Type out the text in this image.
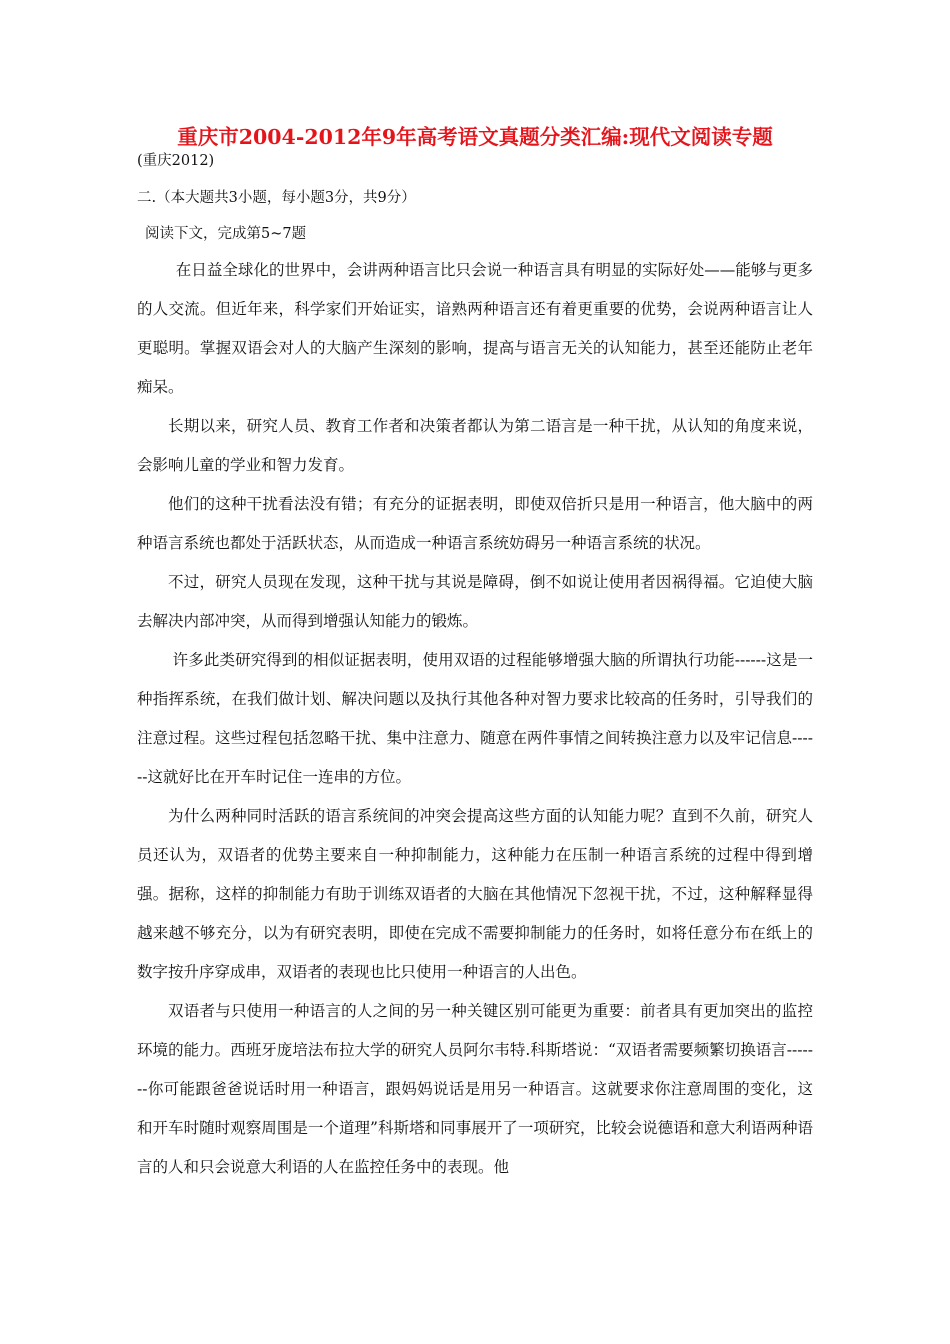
重庆市2004-2012年9年高考语文真题分类汇编:现代文阅读专题
(重庆2012)
二.（本大题共3小题，每小题3分，共9分）
阅读下文，完成第5~7题

在日益全球化的世界中，会讲两种语言比只会说一种语言具有明显的实际好处——能够与更多的人交流。但近年来，科学家们开始证实，谙熟两种语言还有着更重要的优势，会说两种语言让人更聪明。掌握双语会对人的大脑产生深刻的影响，提高与语言无关的认知能力，甚至还能防止老年痴呆。

长期以来，研究人员、教育工作者和决策者都认为第二语言是一种干扰，从认知的角度来说，会影响儿童的学业和智力发育。

他们的这种干扰看法没有错；有充分的证据表明，即使双倍折只是用一种语言，他大脑中的两种语言系统也都处于活跃状态，从而造成一种语言系统妨碍另一种语言系统的状况。

不过，研究人员现在发现，这种干扰与其说是障碍，倒不如说让使用者因祸得福。它迫使大脑去解决内部冲突，从而得到增强认知能力的锻炼。

许多此类研究得到的相似证据表明，使用双语的过程能够增强大脑的所谓执行功能------这是一种指挥系统，在我们做计划、解决问题以及执行其他各种对智力要求比较高的任务时，引导我们的注意过程。这些过程包括忽略干扰、集中注意力、随意在两件事情之间转换注意力以及牢记信息------这就好比在开车时记住一连串的方位。

为什么两种同时活跃的语言系统间的冲突会提高这些方面的认知能力呢？直到不久前，研究人员还认为，双语者的优势主要来自一种抑制能力，这种能力在压制一种语言系统的过程中得到增强。据称，这样的抑制能力有助于训练双语者的大脑在其他情况下忽视干扰，不过，这种解释显得越来越不够充分，以为有研究表明，即使在完成不需要抑制能力的任务时，如将任意分布在纸上的数字按升序穿成串，双语者的表现也比只使用一种语言的人出色。

双语者与只使用一种语言的人之间的另一种关键区别可能更为重要：前者具有更加突出的监控环境的能力。西班牙庞培法布拉大学的研究人员阿尔韦特.科斯塔说：“双语者需要频繁切换语言-------你可能跟爸爸说话时用一种语言，跟妈妈说话是用另一种语言。这就要求你注意周围的变化，这和开车时随时观察周围是一个道理”科斯塔和同事展开了一项研究，比较会说德语和意大利语两种语言的人和只会说意大利语的人在监控任务中的表现。他
